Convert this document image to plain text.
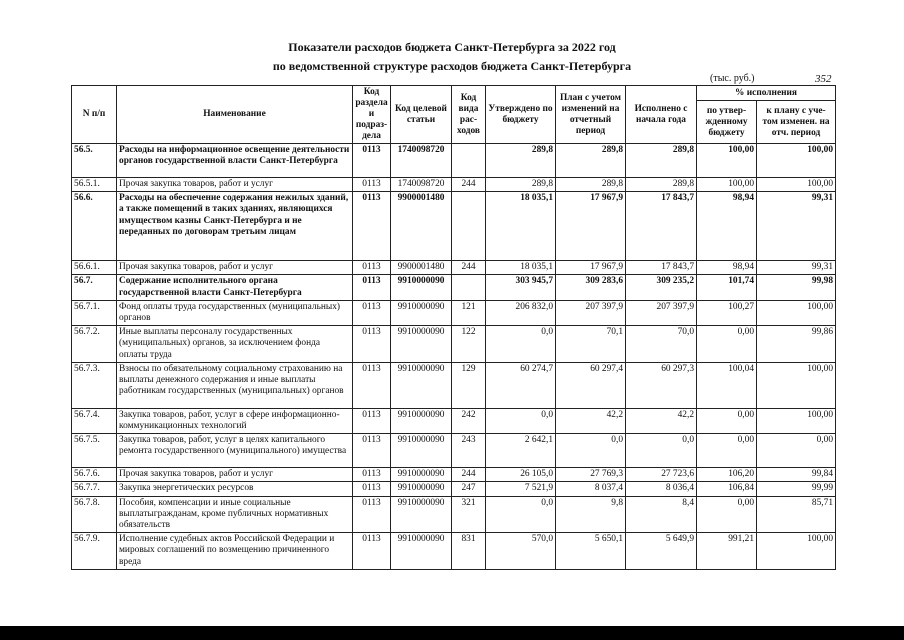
Показатели расходов бюджета Санкт-Петербурга за 2022 год
по ведомственной структуре расходов бюджета Санкт-Петербурга
(тыс. руб.)	352
N п/п	Наименование	Код раздела и подраз-дела	Код целевой статьи	Код вида рас-ходов	Утверждено по бюджету	План с учетом изменений на отчетный период	Исполнено с начала года	% исполнения	
								по утвер-жденному бюджету	к плану с уче-том изменен. на отч. период
56.5.	Расходы на информационное освещение деятельности органов государственной власти Санкт-Петербурга	0113	1740098720		289,8	289,8	289,8	100,00	100,00
56.5.1.	Прочая закупка товаров, работ и услуг	0113	1740098720	244	289,8	289,8	289,8	100,00	100,00
56.6.	Расходы на обеспечение содержания нежилых зданий, а также помещений в таких зданиях, являющихся имуществом казны Санкт-Петербурга и не переданных по договорам третьим лицам	0113	9900001480		18 035,1	17 967,9	17 843,7	98,94	99,31
56.6.1.	Прочая закупка товаров, работ и услуг	0113	9900001480	244	18 035,1	17 967,9	17 843,7	98,94	99,31
56.7.	Содержание исполнительного органа государственной власти Санкт-Петербурга	0113	9910000090		303 945,7	309 283,6	309 235,2	101,74	99,98
56.7.1.	Фонд оплаты труда государственных (муниципальных) органов	0113	9910000090	121	206 832,0	207 397,9	207 397,9	100,27	100,00
56.7.2.	Иные выплаты персоналу государственных (муниципальных) органов, за исключением фонда оплаты труда	0113	9910000090	122	0,0	70,1	70,0	0,00	99,86
56.7.3.	Взносы по обязательному социальному страхованию на выплаты денежного содержания и иные выплаты работникам государственных (муниципальных) органов	0113	9910000090	129	60 274,7	60 297,4	60 297,3	100,04	100,00
56.7.4.	Закупка товаров, работ, услуг в сфере информационно-коммуникационных технологий	0113	9910000090	242	0,0	42,2	42,2	0,00	100,00
56.7.5.	Закупка товаров, работ, услуг в целях капитального ремонта государственного (муниципального) имущества	0113	9910000090	243	2 642,1	0,0	0,0	0,00	0,00
56.7.6.	Прочая закупка товаров, работ и услуг	0113	9910000090	244	26 105,0	27 769,3	27 723,6	106,20	99,84
56.7.7.	Закупка энергетических ресурсов	0113	9910000090	247	7 521,9	8 037,4	8 036,4	106,84	99,99
56.7.8.	Пособия, компенсации и иные социальные выплатыгражданам, кроме публичных нормативных обязательств	0113	9910000090	321	0,0	9,8	8,4	0,00	85,71
56.7.9.	Исполнение судебных актов Российской Федерации и мировых соглашений по возмещению причиненного вреда	0113	9910000090	831	570,0	5 650,1	5 649,9	991,21	100,00
